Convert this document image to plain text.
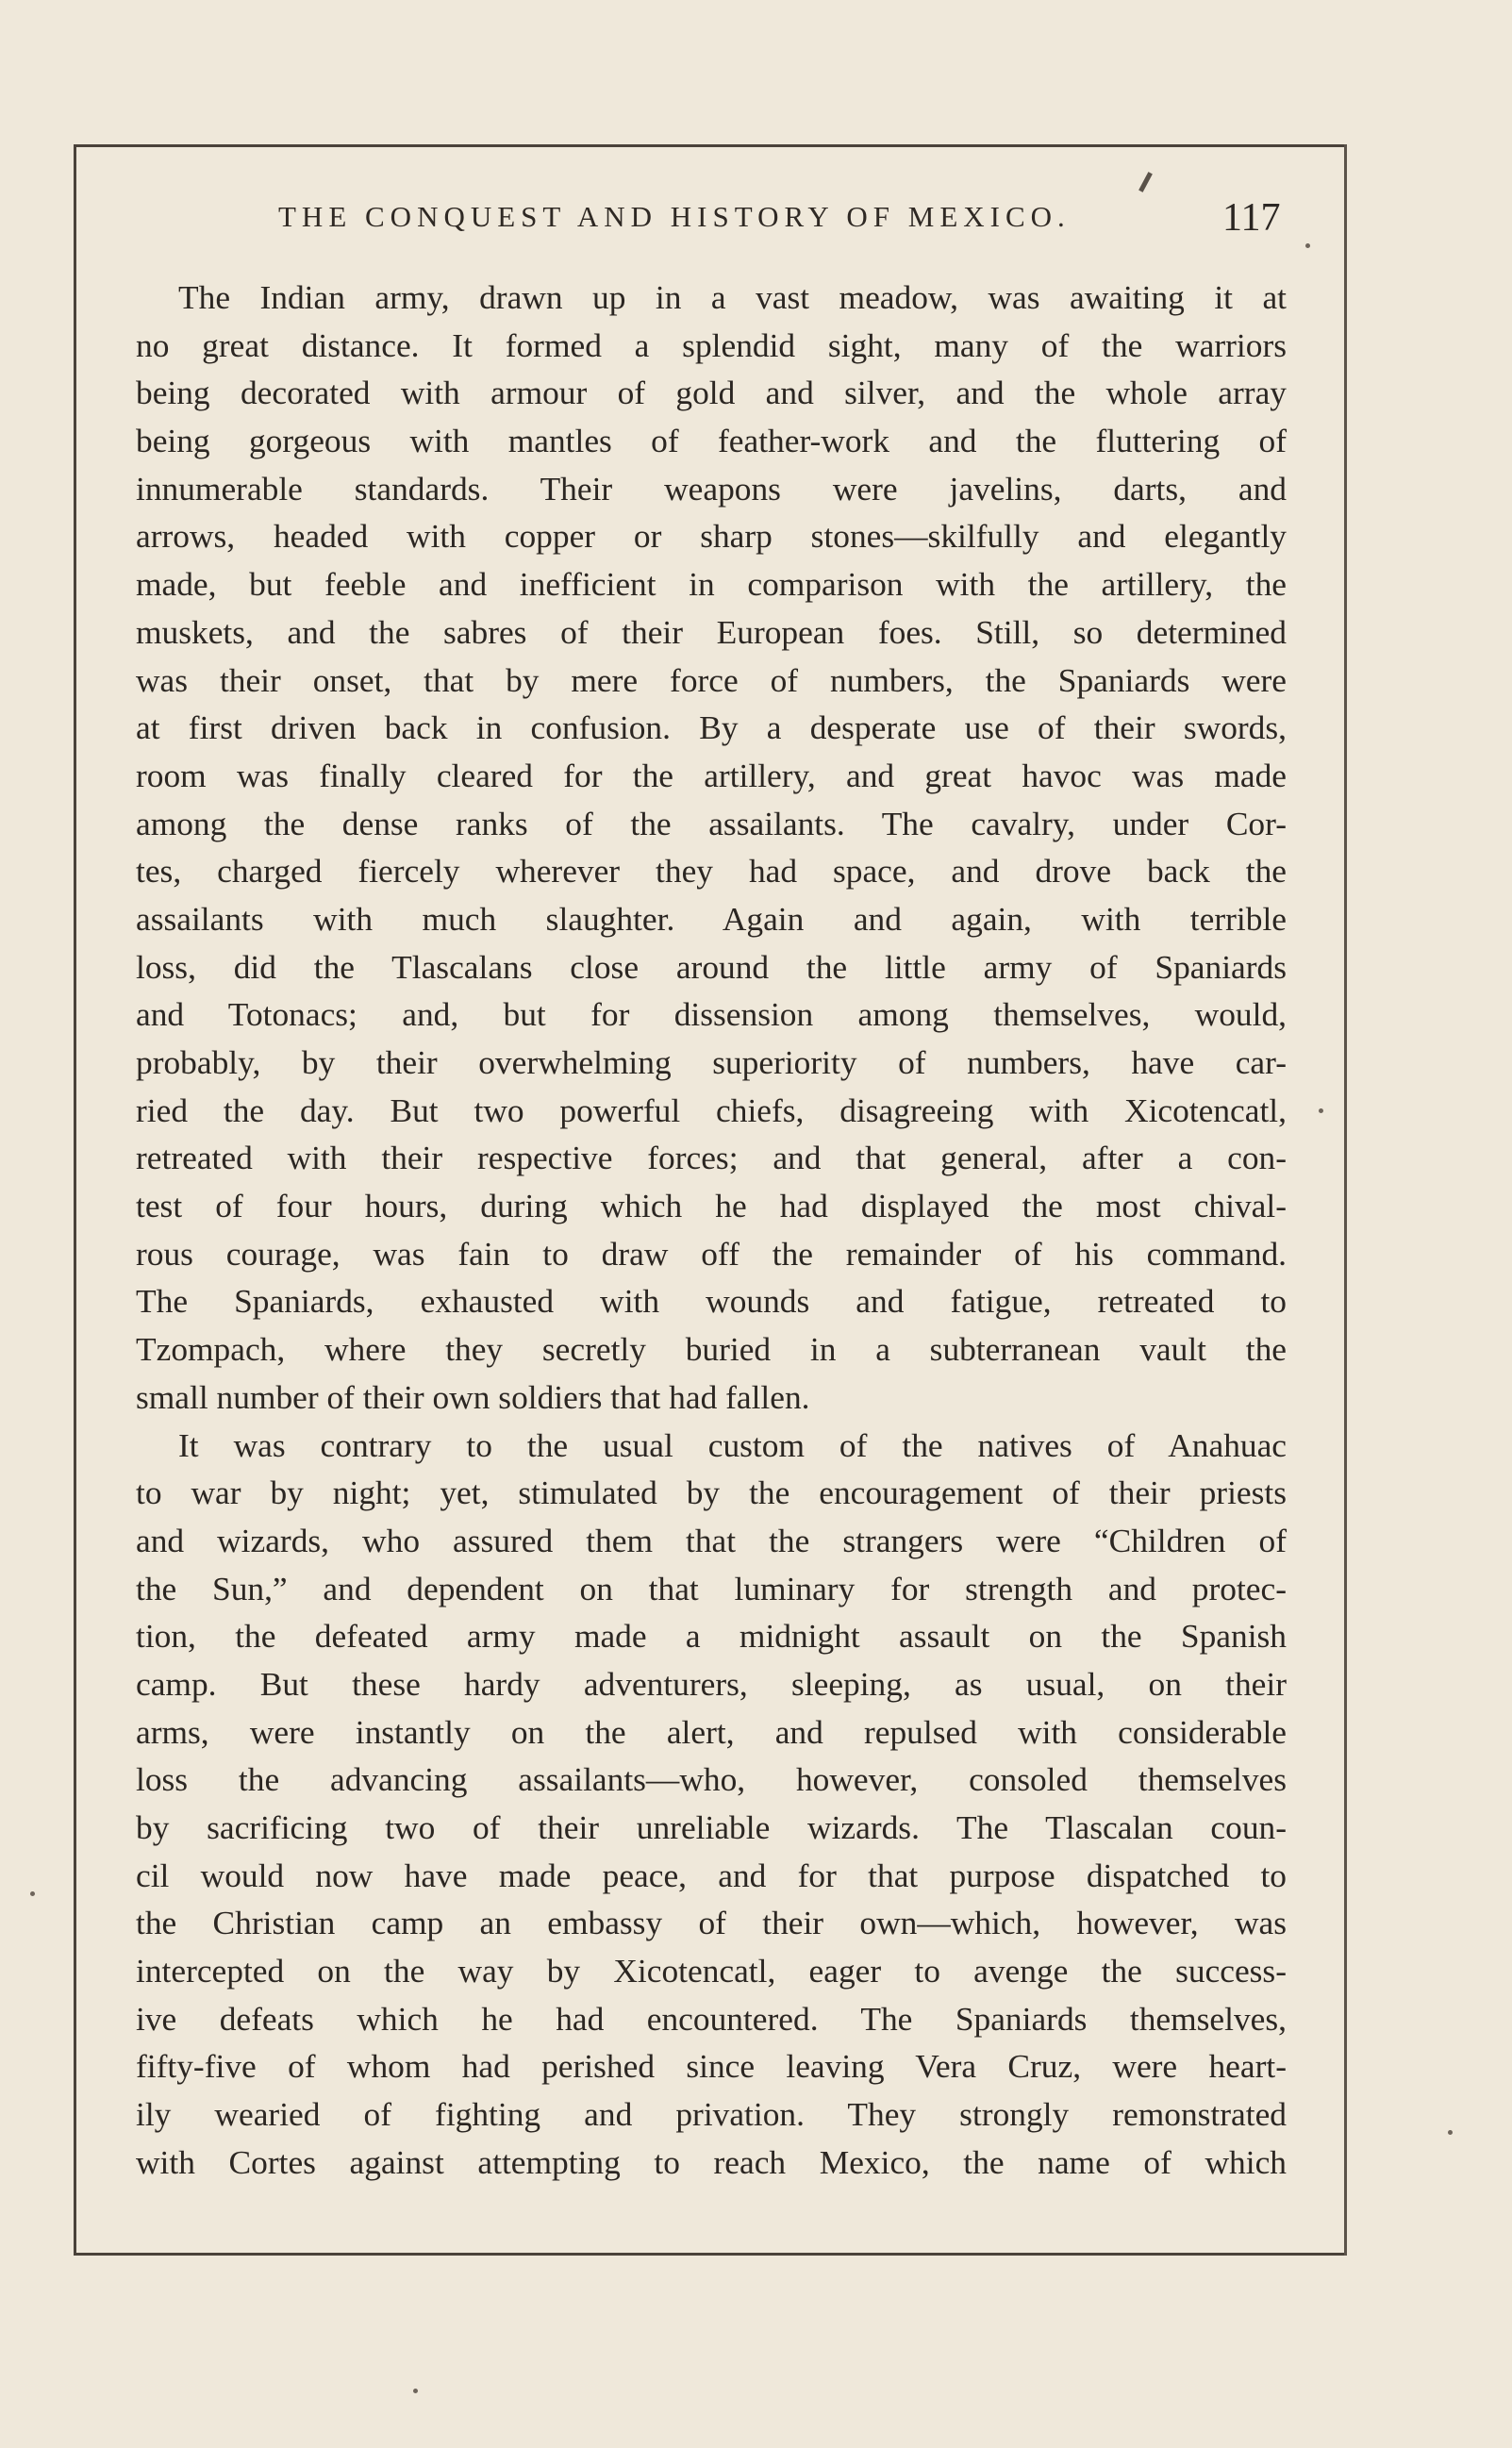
THE CONQUEST AND HISTORY OF MEXICO.	117
The Indian army, drawn up in a vast meadow, was awaiting it at
no great distance. It formed a splendid sight, many of the warriors
being decorated with armour of gold and silver, and the whole array
being gorgeous with mantles of feather-work and the fluttering of
innumerable standards. Their weapons were javelins, darts, and
arrows, headed with copper or sharp stones—skilfully and elegantly
made, but feeble and inefficient in comparison with the artillery, the
muskets, and the sabres of their European foes. Still, so determined
was their onset, that by mere force of numbers, the Spaniards were
at first driven back in confusion. By a desperate use of their swords,
room was finally cleared for the artillery, and great havoc was made
among the dense ranks of the assailants. The cavalry, under Cor-
tes, charged fiercely wherever they had space, and drove back the
assailants with much slaughter. Again and again, with terrible
loss, did the Tlascalans close around the little army of Spaniards
and Totonacs; and, but for dissension among themselves, would,
probably, by their overwhelming superiority of numbers, have car-
ried the day. But two powerful chiefs, disagreeing with Xicotencatl,
retreated with their respective forces; and that general, after a con-
test of four hours, during which he had displayed the most chival-
rous courage, was fain to draw off the remainder of his command.
The Spaniards, exhausted with wounds and fatigue, retreated to
Tzompach, where they secretly buried in a subterranean vault the
small number of their own soldiers that had fallen.
It was contrary to the usual custom of the natives of Anahuac
to war by night; yet, stimulated by the encouragement of their priests
and wizards, who assured them that the strangers were “Children of
the Sun,” and dependent on that luminary for strength and protec-
tion, the defeated army made a midnight assault on the Spanish
camp. But these hardy adventurers, sleeping, as usual, on their
arms, were instantly on the alert, and repulsed with considerable
loss the advancing assailants—who, however, consoled themselves
by sacrificing two of their unreliable wizards. The Tlascalan coun-
cil would now have made peace, and for that purpose dispatched to
the Christian camp an embassy of their own—which, however, was
intercepted on the way by Xicotencatl, eager to avenge the success-
ive defeats which he had encountered. The Spaniards themselves,
fifty-five of whom had perished since leaving Vera Cruz, were heart-
ily wearied of fighting and privation. They strongly remonstrated
with Cortes against attempting to reach Mexico, the name of which
